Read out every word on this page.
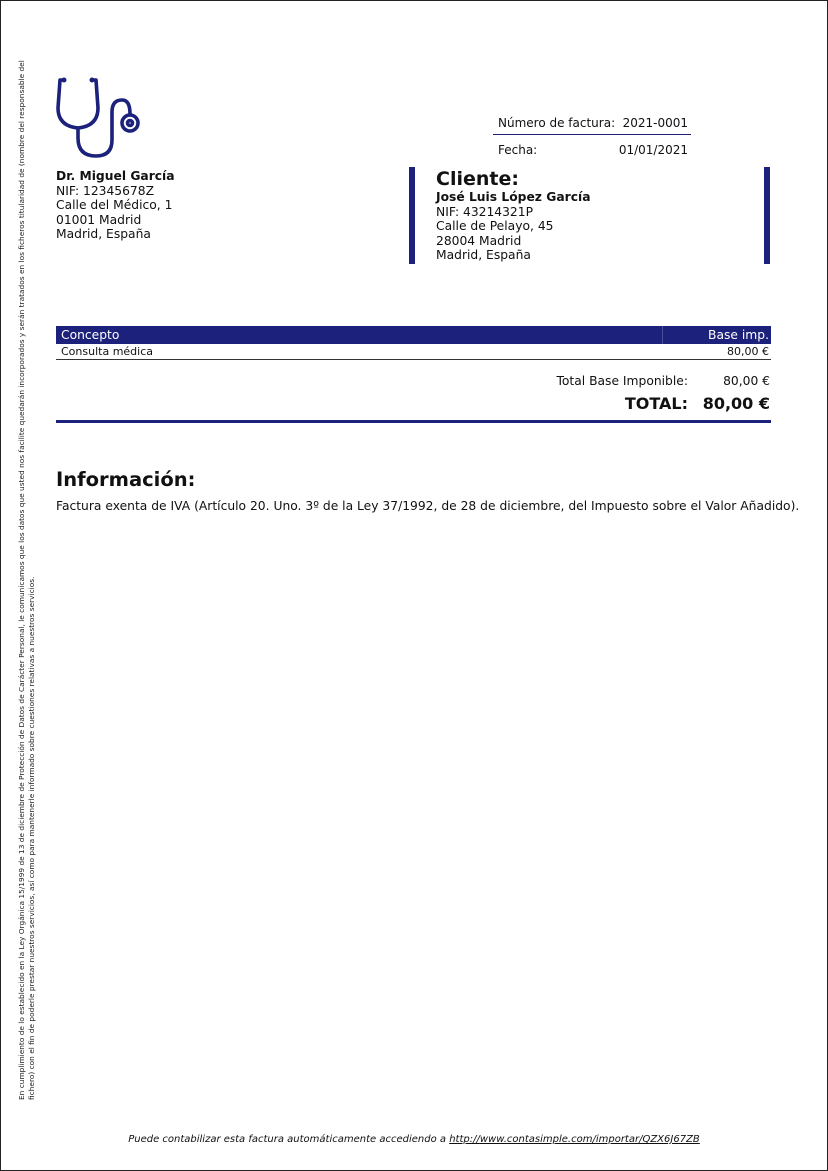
En cumplimiento de lo establecido en la Ley Orgánica 15/1999 de 13 de diciembre de Protección de Datos de Carácter Personal, le comunicamos que los datos que usted nos facilite quedarán incorporados y serán tratados en los ficheros titularidad de (nombre del responsable del fichero) con el fin de poderle prestar nuestros servicios, así como para mantenerle informado sobre cuestiones relativas a nuestros servicios.
Dr. Miguel García
NIF: 12345678Z
Calle del Médico, 1
01001 Madrid
Madrid, España
Número de factura: 2021-0001
Fecha:	01/01/2021
Cliente:
José Luis López García
NIF: 43214321P
Calle de Pelayo, 45
28004 Madrid
Madrid, España
Concepto	Base imp.
Consulta médica	80,00 €
Total Base Imponible:	80,00 €
TOTAL: 80,00 €
Información:
Factura exenta de IVA (Artículo 20. Uno. 3º de la Ley 37/1992, de 28 de diciembre, del Impuesto sobre el Valor Añadido).
Puede contabilizar esta factura automáticamente accediendo a http://www.contasimple.com/importar/QZX6J67ZB
